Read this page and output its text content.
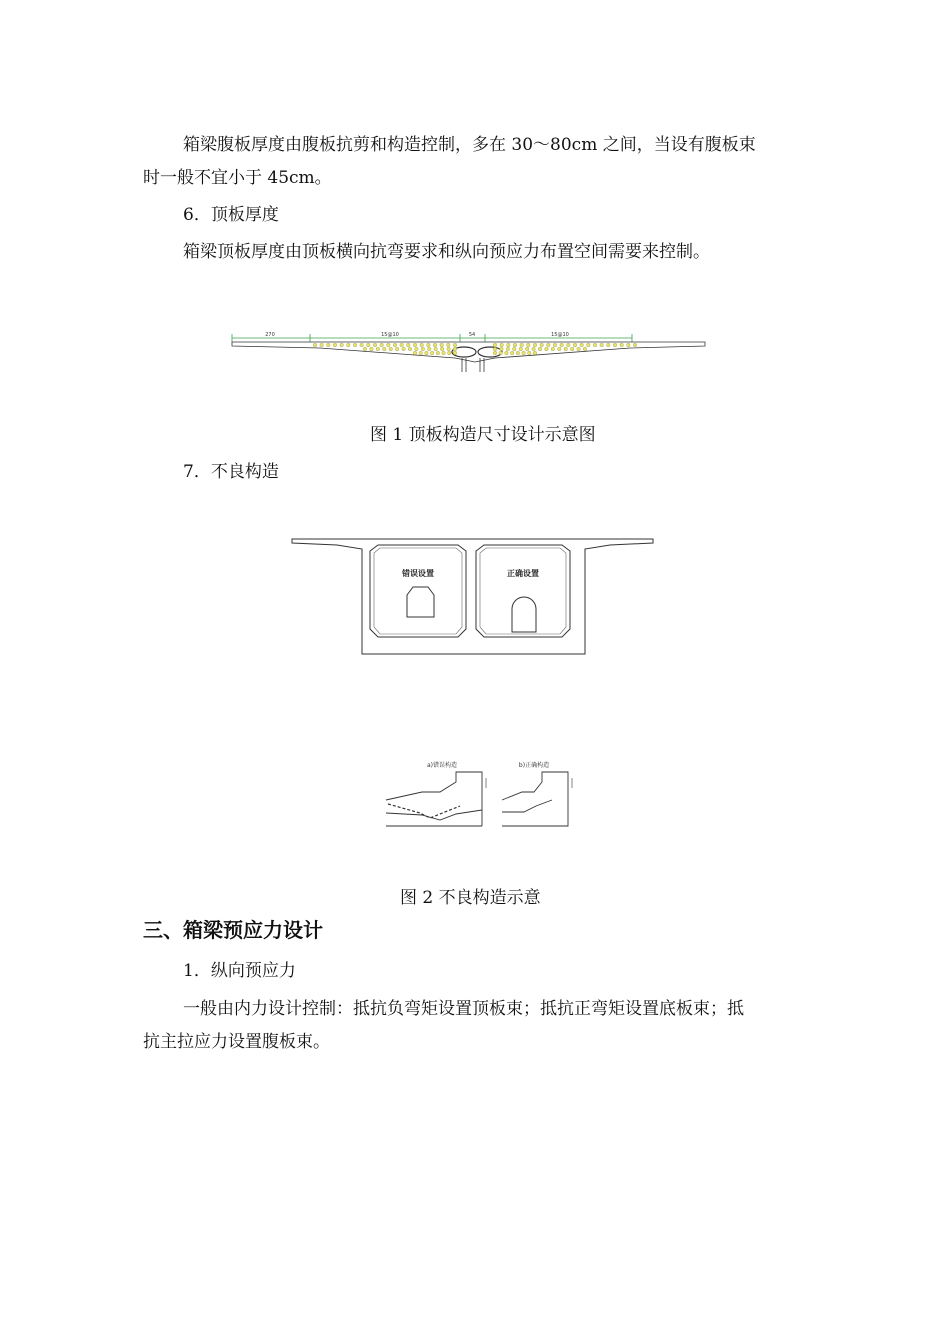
箱梁腹板厚度由腹板抗剪和构造控制，多在 30～80cm 之间，当设有腹板束
时一般不宜小于 45cm。
6．顶板厚度
箱梁顶板厚度由顶板横向抗弯要求和纵向预应力布置空间需要来控制。
270	15@10	54	15@10
图 1 顶板构造尺寸设计示意图
7．不良构造
错误设置	正确设置
a)错误构造	b)正确构造
图 2 不良构造示意
三、箱梁预应力设计
1．纵向预应力
一般由内力设计控制：抵抗负弯矩设置顶板束；抵抗正弯矩设置底板束；抵
抗主拉应力设置腹板束。
